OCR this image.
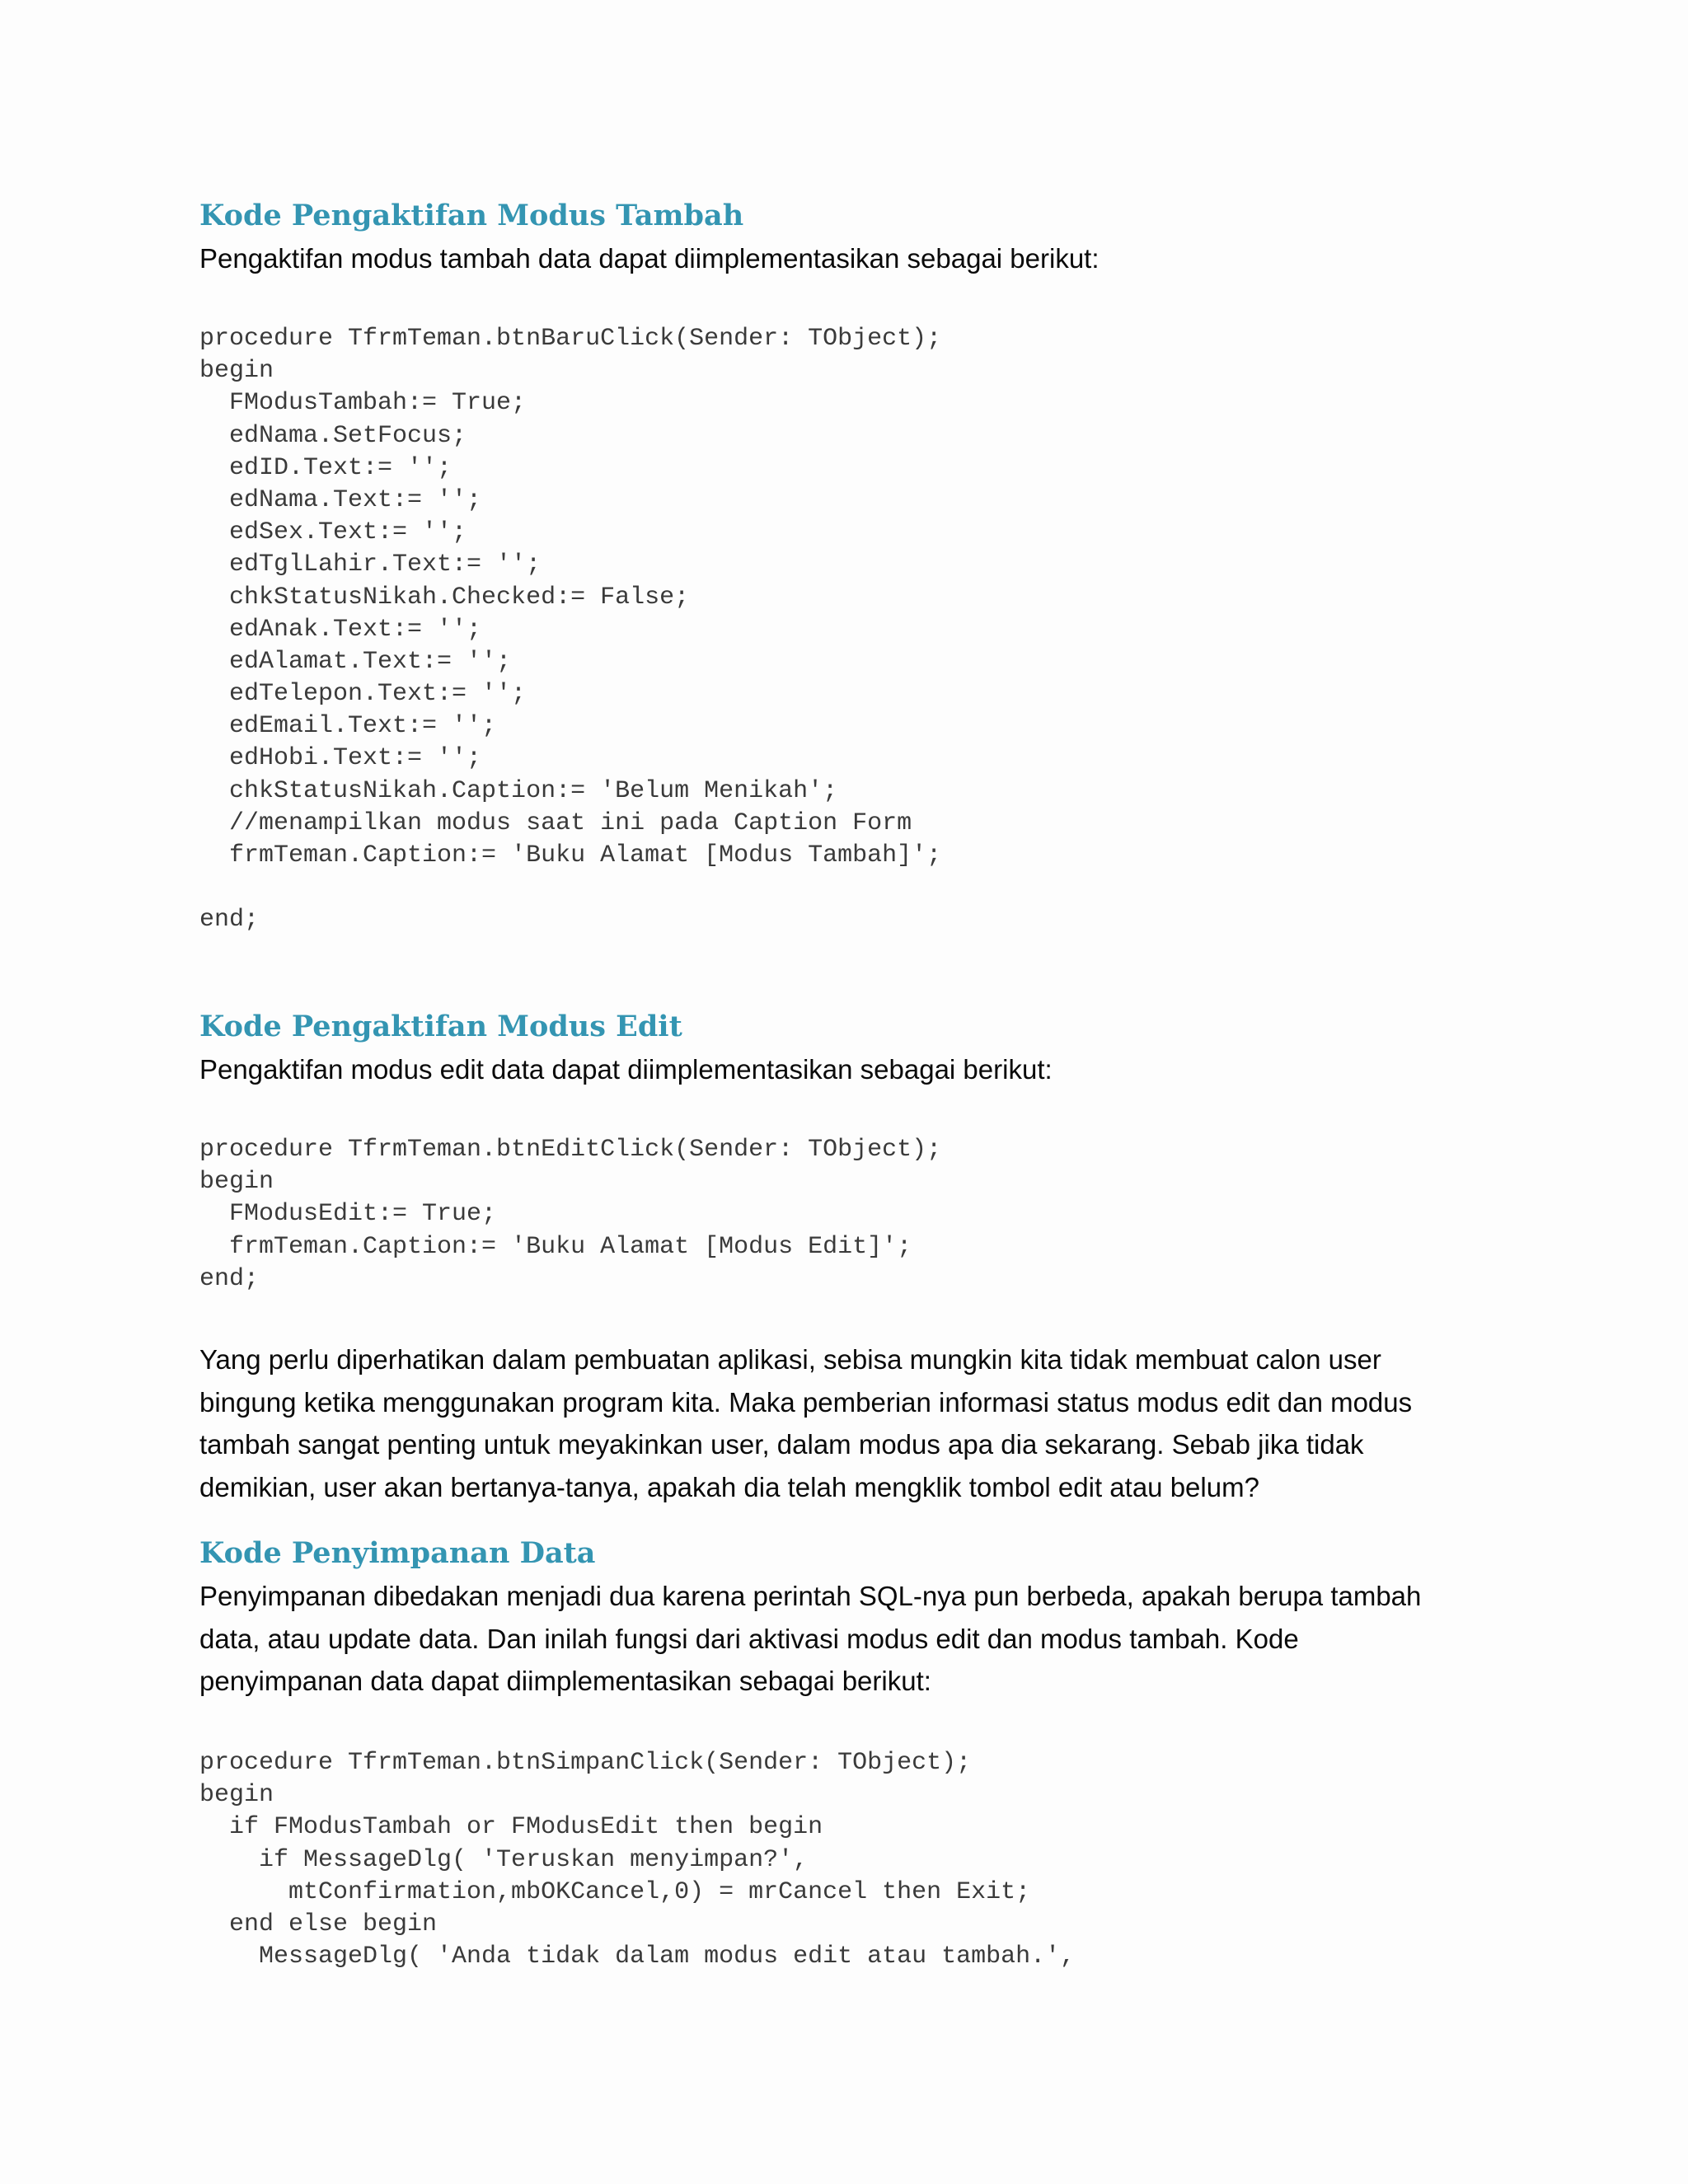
Kode Pengaktifan Modus Tambah
Pengaktifan modus tambah data dapat diimplementasikan sebagai berikut:
procedure TfrmTeman.btnBaruClick(Sender: TObject);
begin
FModusTambah:= True;
edNama.SetFocus;
edID.Text:= '';
edNama.Text:= '';
edSex.Text:= '';
edTglLahir.Text:= '';
chkStatusNikah.Checked:= False;
edAnak.Text:= '';
edAlamat.Text:= '';
edTelepon.Text:= '';
edEmail.Text:= '';
edHobi.Text:= '';
chkStatusNikah.Caption:= 'Belum Menikah';
//menampilkan modus saat ini pada Caption Form
frmTeman.Caption:= 'Buku Alamat [Modus Tambah]';
end;
Kode Pengaktifan Modus Edit
Pengaktifan modus edit data dapat diimplementasikan sebagai berikut:
procedure TfrmTeman.btnEditClick(Sender: TObject);
begin
FModusEdit:= True;
frmTeman.Caption:= 'Buku Alamat [Modus Edit]';
end;
Yang perlu diperhatikan dalam pembuatan aplikasi, sebisa mungkin kita tidak membuat calon user
bingung ketika menggunakan program kita. Maka pemberian informasi status modus edit dan modus
tambah sangat penting untuk meyakinkan user, dalam modus apa dia sekarang. Sebab jika tidak
demikian, user akan bertanya-tanya, apakah dia telah mengklik tombol edit atau belum?
Kode Penyimpanan Data
Penyimpanan dibedakan menjadi dua karena perintah SQL-nya pun berbeda, apakah berupa tambah
data, atau update data. Dan inilah fungsi dari aktivasi modus edit dan modus tambah. Kode
penyimpanan data dapat diimplementasikan sebagai berikut:
procedure TfrmTeman.btnSimpanClick(Sender: TObject);
begin
if FModusTambah or FModusEdit then begin
if MessageDlg( 'Teruskan menyimpan?',
mtConfirmation,mbOKCancel,0) = mrCancel then Exit;
end else begin
MessageDlg( 'Anda tidak dalam modus edit atau tambah.',
